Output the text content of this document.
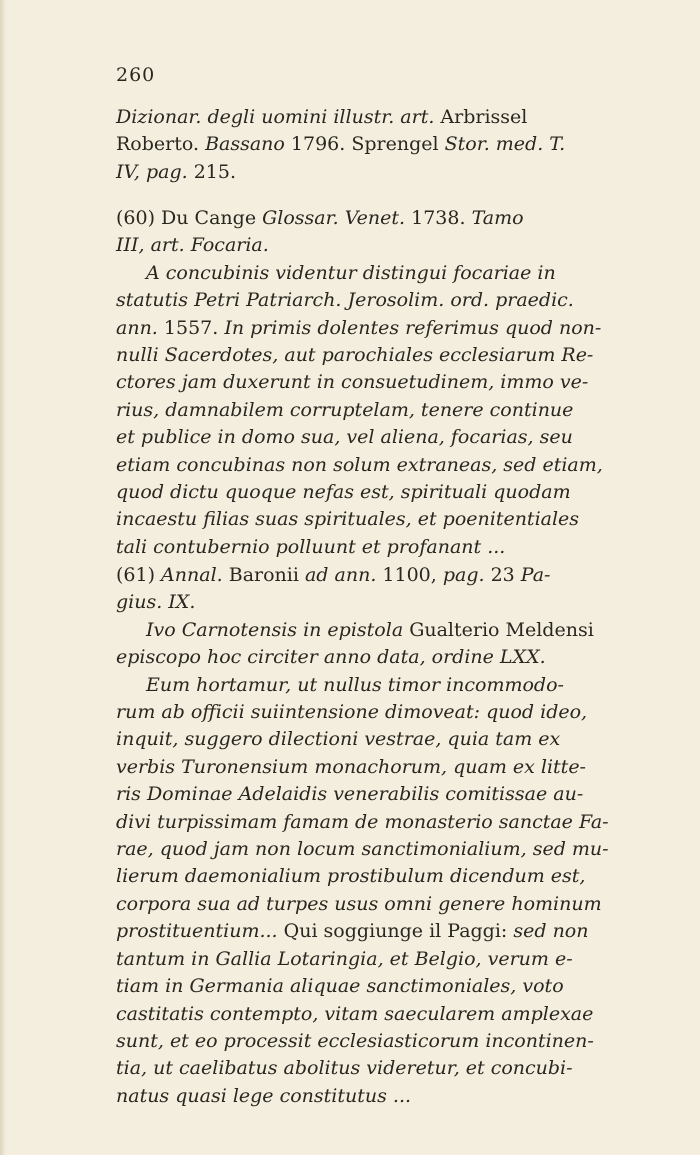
260
Dizionar. degli uomini illustr. art. Arbrissel
Roberto. Bassano 1796. Sprengel Stor. med. T.
IV, pag. 215.
(60) Du Cange Glossar. Venet. 1738. Tamo
III, art. Focaria.
A concubinis videntur distingui focariae in
statutis Petri Patriarch. Jerosolim. ord. praedic.
ann. 1557. In primis dolentes referimus quod non-
nulli Sacerdotes, aut parochiales ecclesiarum Re-
ctores jam duxerunt in consuetudinem, immo ve-
rius, damnabilem corruptelam, tenere continue
et publice in domo sua, vel aliena, focarias, seu
etiam concubinas non solum extraneas, sed etiam,
quod dictu quoque nefas est, spirituali quodam
incaestu filias suas spirituales, et poenitentiales
tali contubernio polluunt et profanant ...
(61) Annal. Baronii ad ann. 1100, pag. 23 Pa-
gius. IX.
Ivo Carnotensis in epistola Gualterio Meldensi
episcopo hoc circiter anno data, ordine LXX.
Eum hortamur, ut nullus timor incommodo-
rum ab officii suiintensione dimoveat: quod ideo,
inquit, suggero dilectioni vestrae, quia tam ex
verbis Turonensium monachorum, quam ex litte-
ris Dominae Adelaidis venerabilis comitissae au-
divi turpissimam famam de monasterio sanctae Fa-
rae, quod jam non locum sanctimonialium, sed mu-
lierum daemonialium prostibulum dicendum est,
corpora sua ad turpes usus omni genere hominum
prostituentium... Qui soggiunge il Paggi: sed non
tantum in Gallia Lotaringia, et Belgio, verum e-
tiam in Germania aliquae sanctimoniales, voto
castitatis contempto, vitam saecularem amplexae
sunt, et eo processit ecclesiasticorum incontinen-
tia, ut caelibatus abolitus videretur, et concubi-
natus quasi lege constitutus ...
